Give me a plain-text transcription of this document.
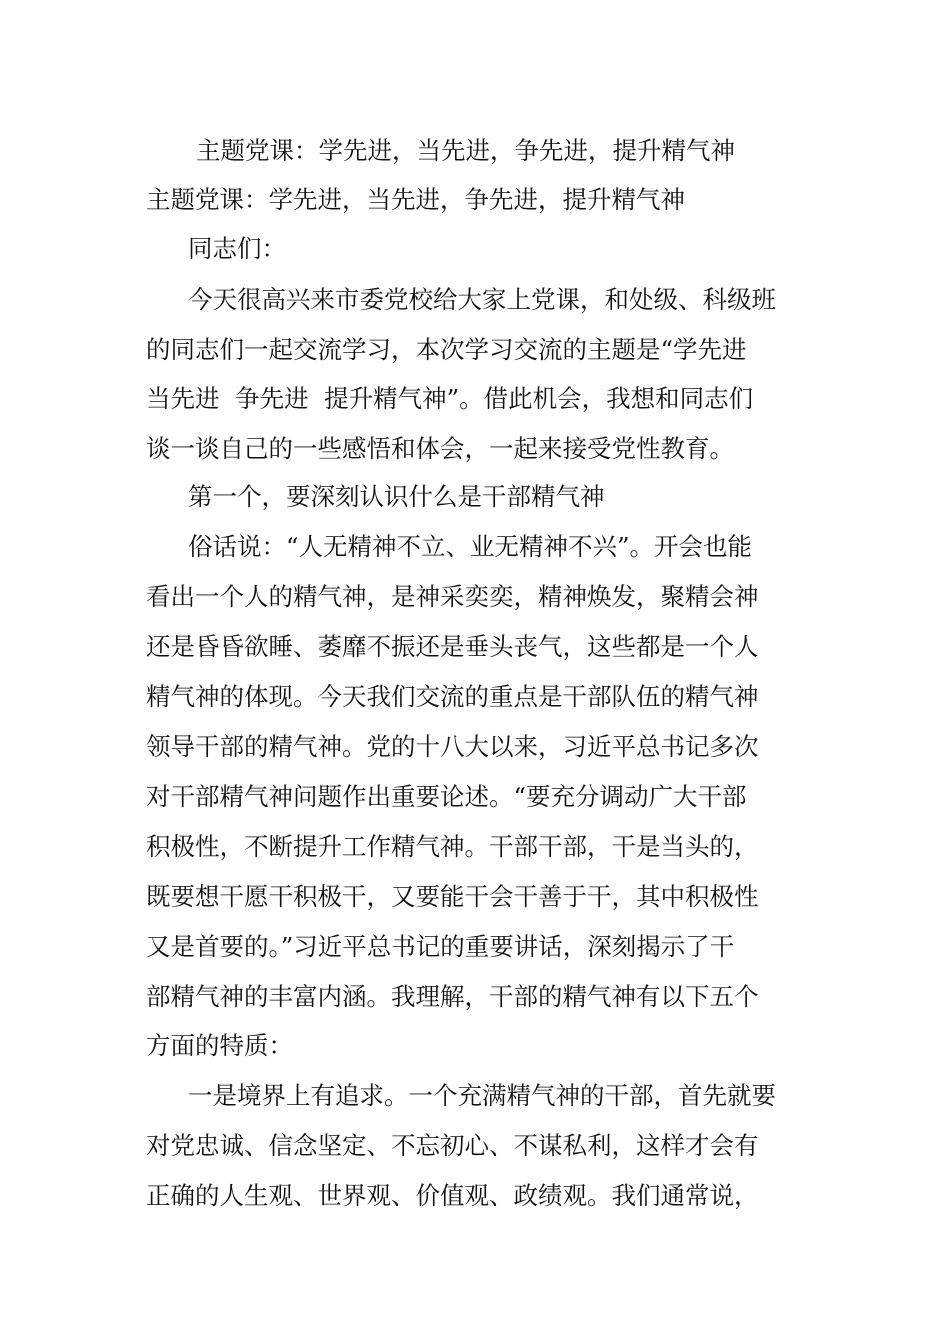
主题党课：学先进，当先进，争先进，提升精气神
主题党课：学先进，当先进，争先进，提升精气神
同志们：
今天很高兴来市委党校给大家上党课，和处级、科级班
的同志们一起交流学习，本次学习交流的主题是“学先进
当先进  争先进  提升精气神”。借此机会，我想和同志们
谈一谈自己的一些感悟和体会，一起来接受党性教育。
第一个，要深刻认识什么是干部精气神
俗话说：“人无精神不立、业无精神不兴”。开会也能
看出一个人的精气神，是神采奕奕，精神焕发，聚精会神
还是昏昏欲睡、萎靡不振还是垂头丧气，这些都是一个人
精气神的体现。今天我们交流的重点是干部队伍的精气神
领导干部的精气神。党的十八大以来，习近平总书记多次
对干部精气神问题作出重要论述。“要充分调动广大干部
积极性，不断提升工作精气神。干部干部，干是当头的，
既要想干愿干积极干，又要能干会干善于干，其中积极性
又是首要的。”习近平总书记的重要讲话，深刻揭示了干
部精气神的丰富内涵。我理解，干部的精气神有以下五个
方面的特质：
一是境界上有追求。一个充满精气神的干部，首先就要
对党忠诚、信念坚定、不忘初心、不谋私利，这样才会有
正确的人生观、世界观、价值观、政绩观。我们通常说，
